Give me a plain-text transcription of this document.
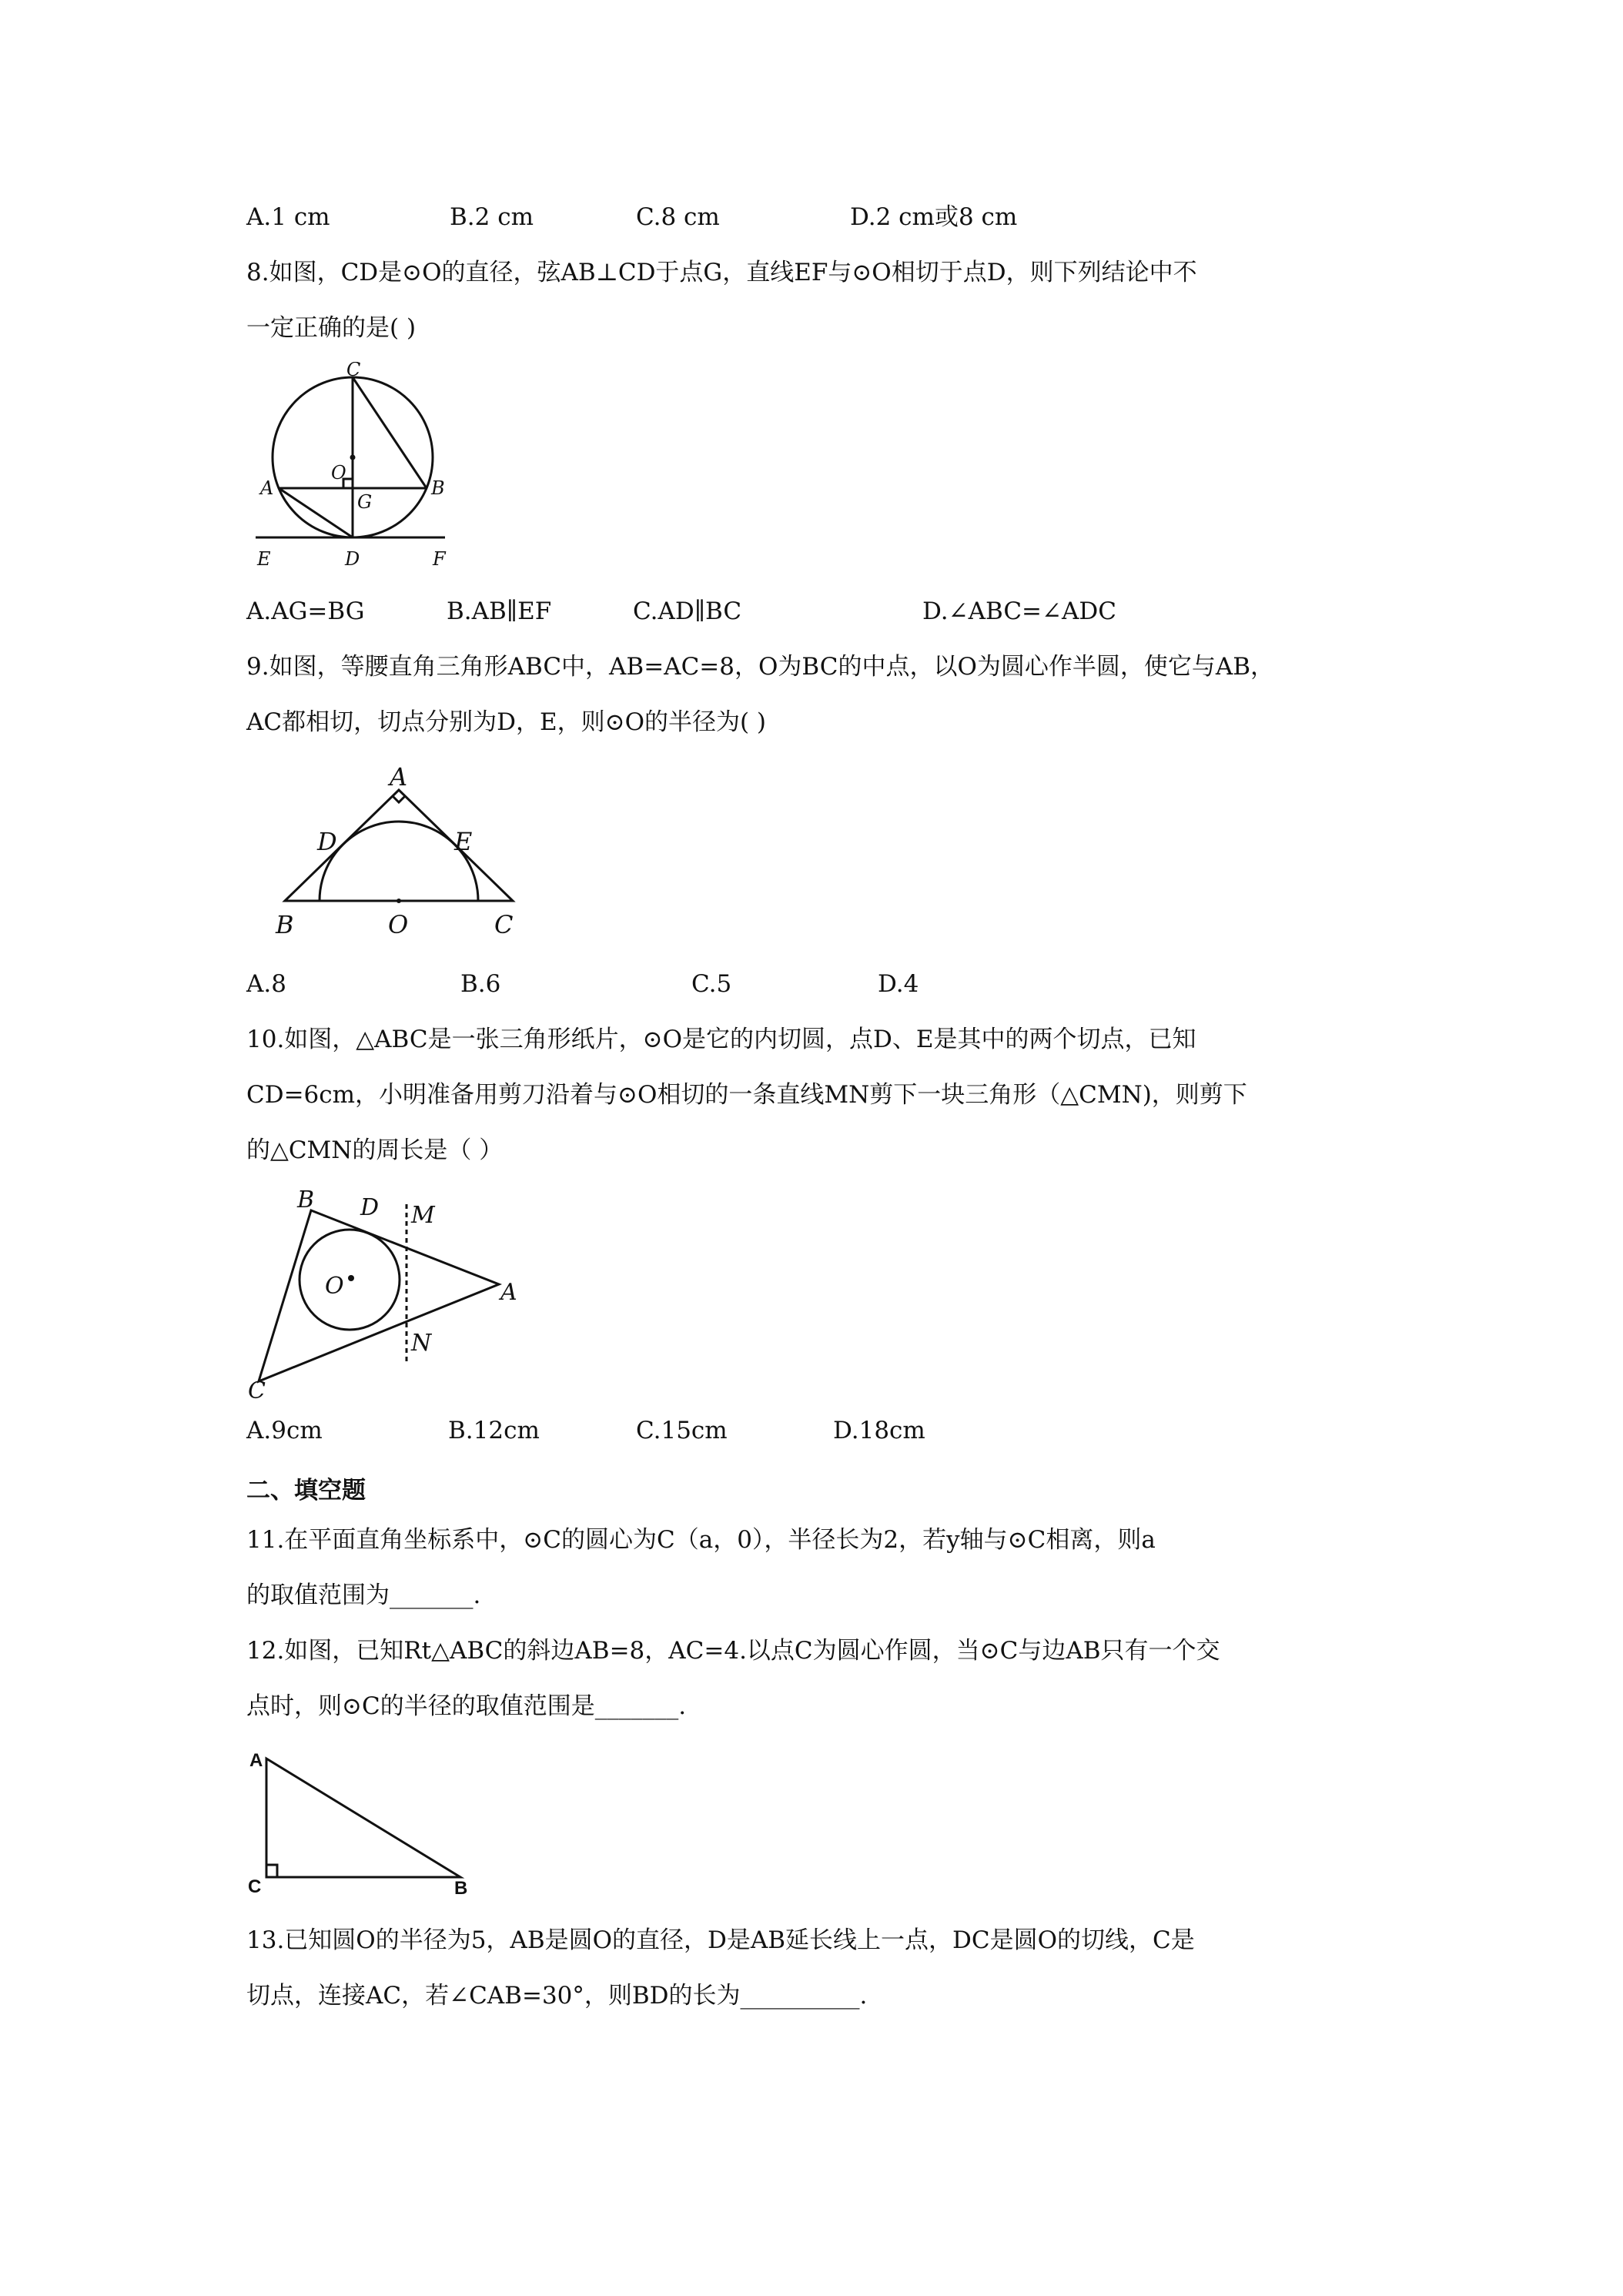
A.1 cm	B.2 cm	C.8 cm	D.2 cm或8 cm
8.如图，CD是⊙O的直径，弦AB⊥CD于点G，直线EF与⊙O相切于点D，则下列结论中不
一定正确的是( )
C
O
A	B
G
E	D	F
A.AG=BG	B.AB∥EF	C.AD∥BC	D.∠ABC=∠ADC
9.如图，等腰直角三角形ABC中，AB=AC=8，O为BC的中点，以O为圆心作半圆，使它与AB，
AC都相切，切点分别为D，E，则⊙O的半径为( )
A
D	E
B	O	C
A.8	B.6	C.5	D.4
10.如图，△ABC是一张三角形纸片，⊙O是它的内切圆，点D、E是其中的两个切点，已知
CD=6cm，小明准备用剪刀沿着与⊙O相切的一条直线MN剪下一块三角形（△CMN)，则剪下
的△CMN的周长是（ ）
B D M
O	A
N
C
A.9cm	B.12cm	C.15cm	D.18cm
二、填空题
11.在平面直角坐标系中，⊙C的圆心为C（a，0），半径长为2，若y轴与⊙C相离，则a
的取值范围为_______.
12.如图，已知Rt△ABC的斜边AB=8，AC=4.以点C为圆心作圆，当⊙C与边AB只有一个交
点时，则⊙C的半径的取值范围是_______.
A
C	B
13.已知圆O的半径为5，AB是圆O的直径，D是AB延长线上一点，DC是圆O的切线，C是
切点，连接AC，若∠CAB=30°，则BD的长为__________.
